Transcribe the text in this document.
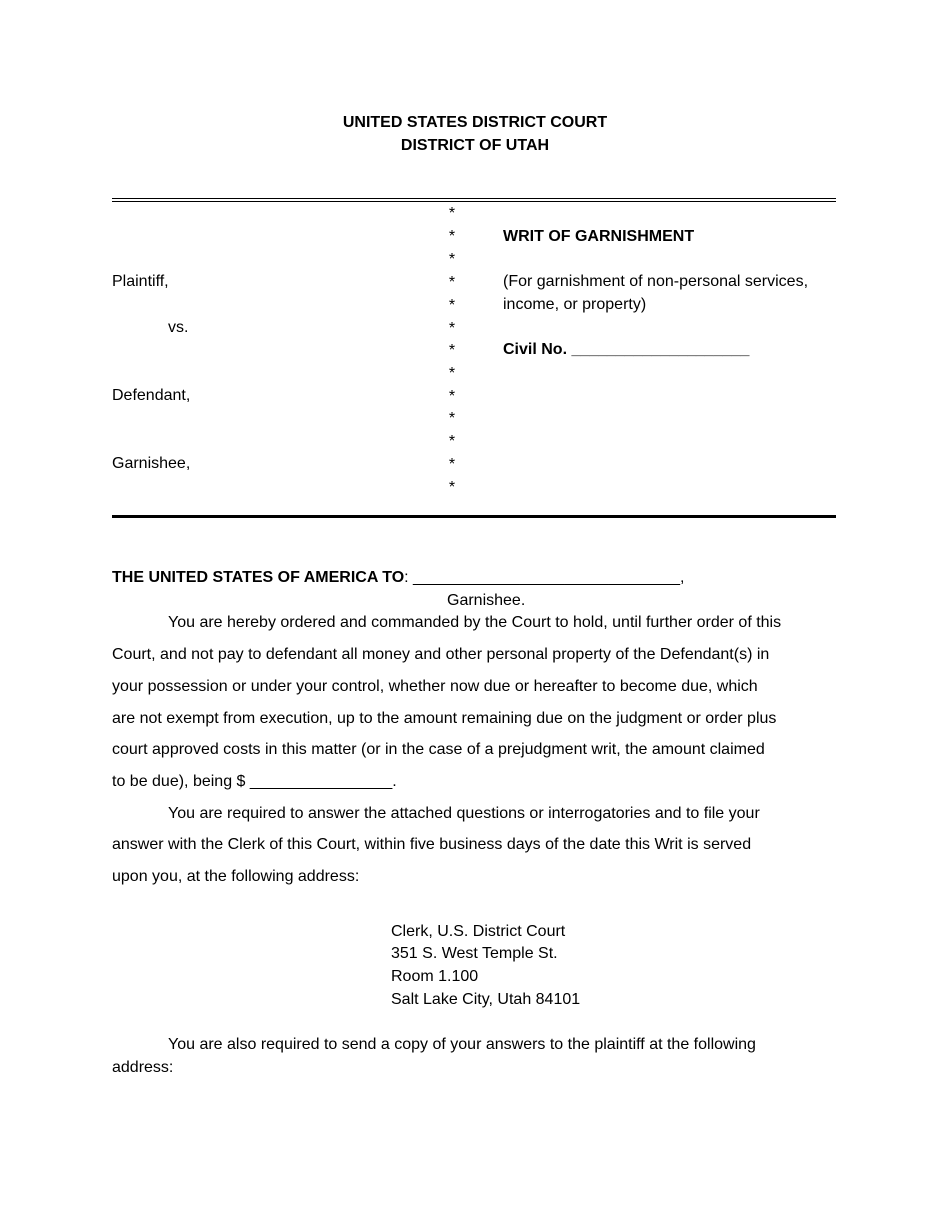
UNITED STATES DISTRICT COURT
DISTRICT OF UTAH
Plaintiff,
vs.
Defendant,
Garnishee,
*
*
*
*
*
*
*
*
*
*
*
*
*
WRIT OF GARNISHMENT
(For garnishment of non-personal services,
income, or property)
Civil No. ____________________
THE UNITED STATES OF AMERICA TO: ______________________________,
Garnishee.
You are hereby ordered and commanded by the Court to hold, until further order of this
Court, and not pay to defendant all money and other personal property of the Defendant(s) in
your possession or under your control, whether now due or hereafter to become due, which
are not exempt from execution, up to the amount remaining due on the judgment or order plus
court approved costs in this matter (or in the case of a prejudgment writ, the amount claimed
to be due), being $ ________________.
You are required to answer the attached questions or interrogatories and to file your
answer with the Clerk of this Court, within five business days of the date this Writ is served
upon you, at the following address:
Clerk, U.S. District Court
351 S. West Temple St.
Room 1.100
Salt Lake City, Utah 84101
You are also required to send a copy of your answers to the plaintiff at the following
address:
